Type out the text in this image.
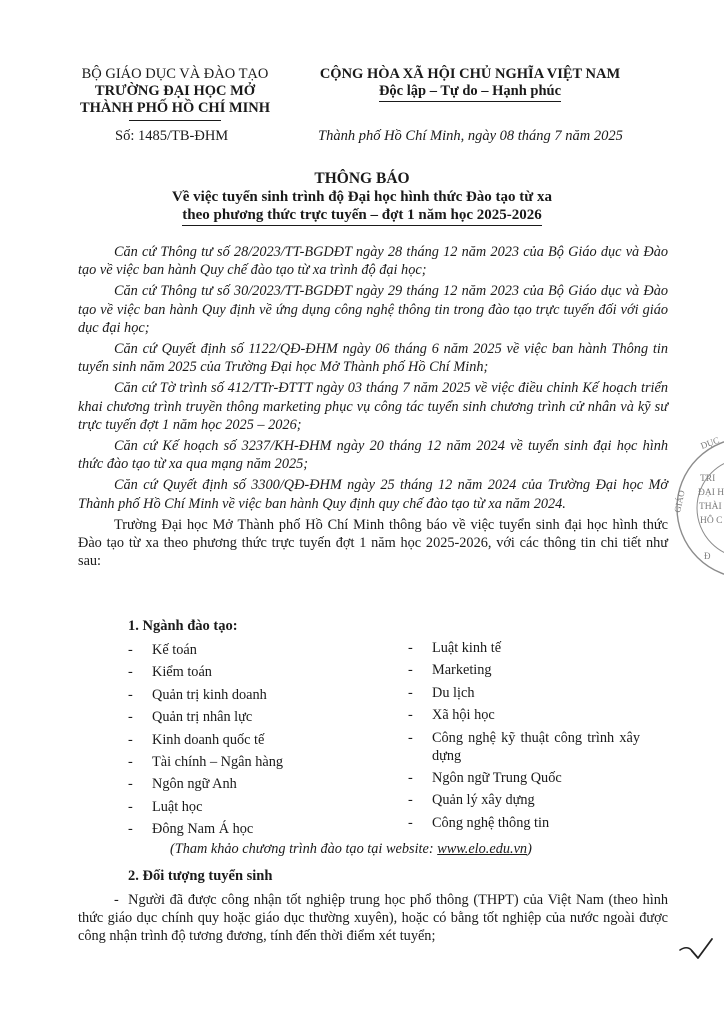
BỘ GIÁO DỤC VÀ ĐÀO TẠO
TRƯỜNG ĐẠI HỌC MỞ
THÀNH PHỐ HỒ CHÍ MINH
CỘNG HÒA XÃ HỘI CHỦ NGHĨA VIỆT NAM
Độc lập – Tự do – Hạnh phúc
Số: 1485/TB-ĐHM	Thành phố Hồ Chí Minh, ngày 08 tháng 7 năm 2025
THÔNG BÁO
Về việc tuyển sinh trình độ Đại học hình thức Đào tạo từ xa
theo phương thức trực tuyến – đợt 1 năm học 2025-2026

Căn cứ Thông tư số 28/2023/TT-BGDĐT ngày 28 tháng 12 năm 2023 của Bộ Giáo dục và Đào tạo về việc ban hành Quy chế đào tạo từ xa trình độ đại học;

Căn cứ Thông tư số 30/2023/TT-BGDĐT ngày 29 tháng 12 năm 2023 của Bộ Giáo dục và Đào tạo về việc ban hành Quy định về ứng dụng công nghệ thông tin trong đào tạo trực tuyến đối với giáo dục đại học;

Căn cứ Quyết định số 1122/QĐ-ĐHM ngày 06 tháng 6 năm 2025 về việc ban hành Thông tin tuyển sinh năm 2025 của Trường Đại học Mở Thành phố Hồ Chí Minh;

Căn cứ Tờ trình số 412/TTr-ĐTTT ngày 03 tháng 7 năm 2025 về việc điều chỉnh Kế hoạch triển khai chương trình truyền thông marketing phục vụ công tác tuyển sinh chương trình cử nhân và kỹ sư trực tuyến đợt 1 năm học 2025 – 2026;

Căn cứ Kế hoạch số 3237/KH-ĐHM ngày 20 tháng 12 năm 2024 về tuyển sinh đại học hình thức đào tạo từ xa qua mạng năm 2025;

Căn cứ Quyết định số 3300/QĐ-ĐHM ngày 25 tháng 12 năm 2024 của Trường Đại học Mở Thành phố Hồ Chí Minh về việc ban hành Quy định quy chế đào tạo từ xa năm 2024.

Trường Đại học Mở Thành phố Hồ Chí Minh thông báo về việc tuyển sinh đại học hình thức Đào tạo từ xa theo phương thức trực tuyến đợt 1 năm học 2025-2026, với các thông tin chi tiết như sau:

1. Ngành đào tạo:
-	Kế toán
-	Kiểm toán
-	Quản trị kinh doanh
-	Quản trị nhân lực
-	Kinh doanh quốc tế
-	Tài chính – Ngân hàng
-	Ngôn ngữ Anh
-	Luật học
-	Đông Nam Á học
-	Luật kinh tế
-	Marketing
-	Du lịch
-	Xã hội học
-	Công nghệ kỹ thuật công trình xây dựng
-	Ngôn ngữ Trung Quốc
-	Quản lý xây dựng
-	Công nghệ thông tin
(Tham khảo chương trình đào tạo tại website: www.elo.edu.vn)
2. Đối tượng tuyển sinh
- Người đã được công nhận tốt nghiệp trung học phổ thông (THPT) của Việt Nam (theo hình thức giáo dục chính quy hoặc giáo dục thường xuyên), hoặc có bằng tốt nghiệp của nước ngoài được công nhận trình độ tương đương, tính đến thời điểm xét tuyển;
GIÁO
DỤC
TRI
ĐẠI H
THÀI
HÔ C
Đ
